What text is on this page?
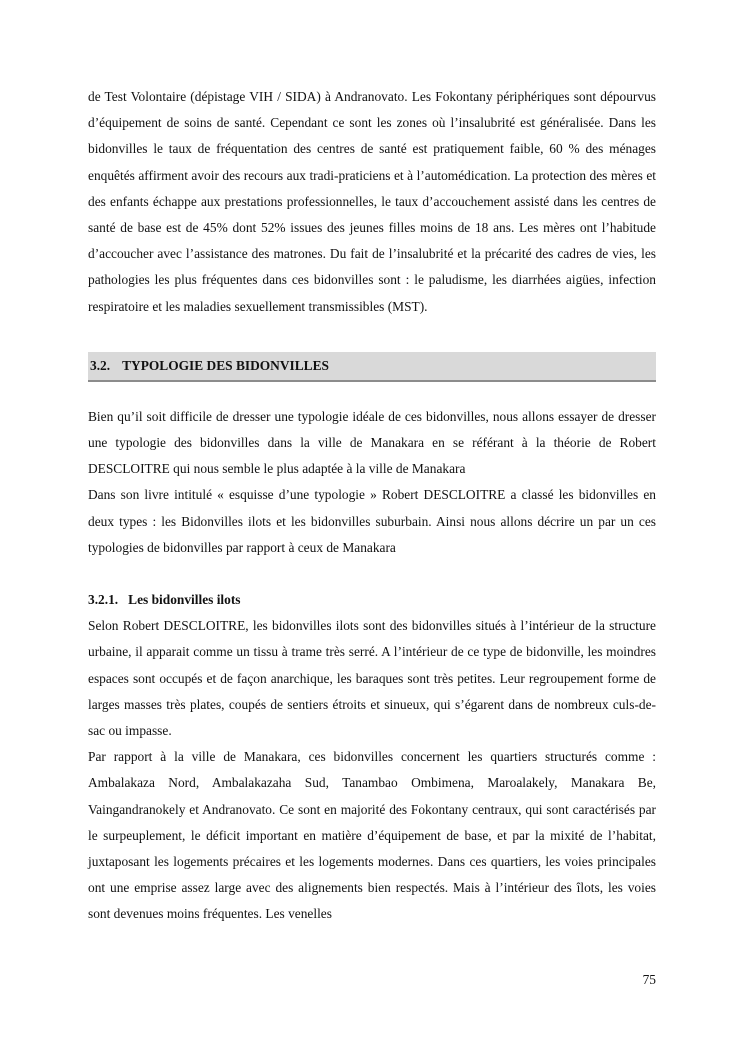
de Test Volontaire (dépistage VIH / SIDA) à Andranovato. Les Fokontany périphériques sont dépourvus d’équipement de soins de santé. Cependant ce sont les zones où l’insalubrité est généralisée. Dans les bidonvilles le taux de fréquentation des centres de santé est pratiquement faible, 60 % des ménages enquêtés affirment avoir des recours aux tradi-praticiens et à l’automédication. La protection des mères et des enfants échappe aux prestations professionnelles, le taux d’accouchement assisté dans les centres de santé de base est de 45% dont 52% issues des jeunes filles moins de 18 ans. Les mères ont l’habitude d’accoucher avec l’assistance des matrones. Du fait de l’insalubrité et la précarité des cadres de vies, les pathologies les plus fréquentes dans ces bidonvilles sont : le paludisme, les diarrhées aigües, infection respiratoire et les maladies sexuellement transmissibles (MST).

3.2. TYPOLOGIE DES BIDONVILLES

Bien qu’il soit difficile de dresser une typologie idéale de ces bidonvilles, nous allons essayer de dresser une typologie des bidonvilles dans la ville de Manakara en se référant à la théorie de Robert DESCLOITRE qui nous semble le plus adaptée à la ville de Manakara

Dans son livre intitulé « esquisse d’une typologie » Robert DESCLOITRE a classé les bidonvilles en deux types : les Bidonvilles ilots et les bidonvilles suburbain. Ainsi nous allons décrire un par un ces typologies de bidonvilles par rapport à ceux de Manakara

3.2.1. Les bidonvilles ilots

Selon Robert DESCLOITRE, les bidonvilles ilots sont des bidonvilles situés à l’intérieur de la structure urbaine, il apparait comme un tissu à trame très serré. A l’intérieur de ce type de bidonville, les moindres espaces sont occupés et de façon anarchique, les baraques sont très petites. Leur regroupement forme de larges masses très plates, coupés de sentiers étroits et sinueux, qui s’égarent dans de nombreux culs-de-sac ou impasse.

Par rapport à la ville de Manakara, ces bidonvilles concernent les quartiers structurés comme : Ambalakaza Nord, Ambalakazaha Sud, Tanambao Ombimena, Maroalakely, Manakara Be, Vaingandranokely et Andranovato. Ce sont en majorité des Fokontany centraux, qui sont caractérisés par le surpeuplement, le déficit important en matière d’équipement de base, et par la mixité de l’habitat, juxtaposant les logements précaires et les logements modernes. Dans ces quartiers, les voies principales ont une emprise assez large avec des alignements bien respectés. Mais à l’intérieur des îlots, les voies sont devenues moins fréquentes. Les venelles

75
